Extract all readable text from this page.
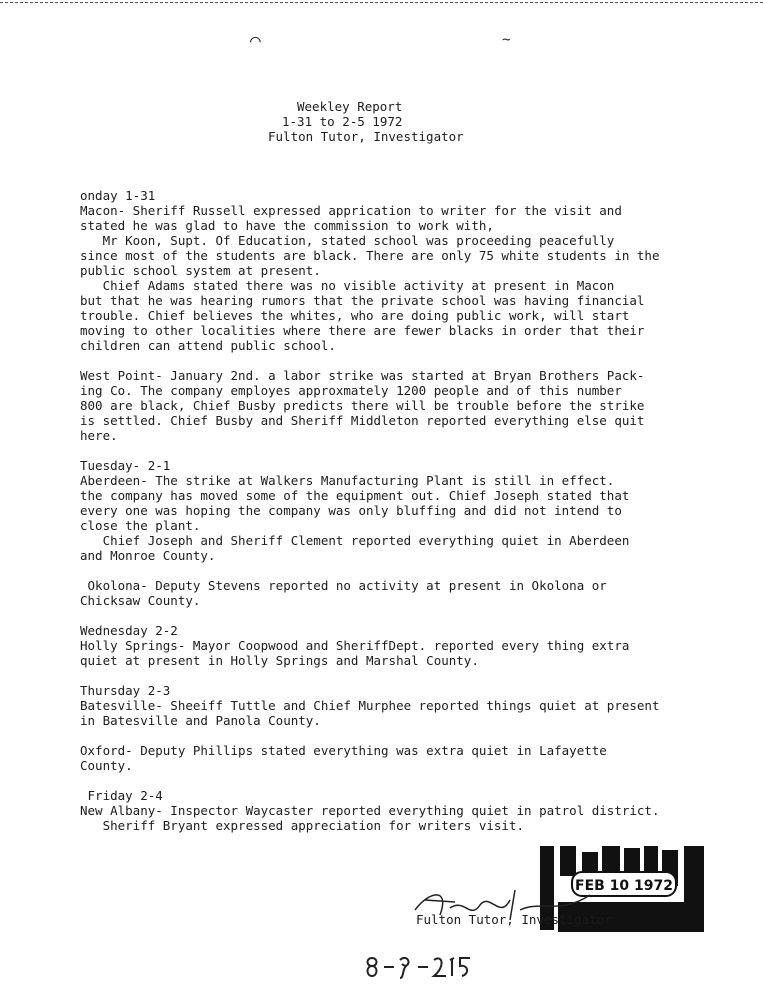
⌒	~
Weekley Report
1-31 to 2-5 1972
Fulton Tutor, Investigator
onday 1-31
Macon- Sheriff Russell expressed apprication to writer for the visit and
stated he was glad to have the commission to work with,
Mr Koon, Supt. Of Education, stated school was proceeding peacefully
since most of the students are black. There are only 75 white students in the
public school system at present.
Chief Adams stated there was no visible activity at present in Macon
but that he was hearing rumors that the private school was having financial
trouble. Chief believes the whites, who are doing public work, will start
moving to other localities where there are fewer blacks in order that their
children can attend public school.
West Point- January 2nd. a labor strike was started at Bryan Brothers Pack-
ing Co. The company employes approxmately 1200 people and of this number
800 are black, Chief Busby predicts there will be trouble before the strike
is settled. Chief Busby and Sheriff Middleton reported everything else quit
here.
Tuesday- 2-1
Aberdeen- The strike at Walkers Manufacturing Plant is still in effect.
the company has moved some of the equipment out. Chief Joseph stated that
every one was hoping the company was only bluffing and did not intend to
close the plant.
Chief Joseph and Sheriff Clement reported everything quiet in Aberdeen
and Monroe County.
Okolona- Deputy Stevens reported no activity at present in Okolona or
Chicksaw County.
Wednesday 2-2
Holly Springs- Mayor Coopwood and SheriffDept. reported every thing extra
quiet at present in Holly Springs and Marshal County.
Thursday 2-3
Batesville- Sheeiff Tuttle and Chief Murphee reported things quiet at present
in Batesville and Panola County.
Oxford- Deputy Phillips stated everything was extra quiet in Lafayette
County.
Friday 2-4
New Albany- Inspector Waycaster reported everything quiet in patrol district.
Sheriff Bryant expressed appreciation for writers visit.
FEB 10 1972
Fulton Tutor, Investigator
